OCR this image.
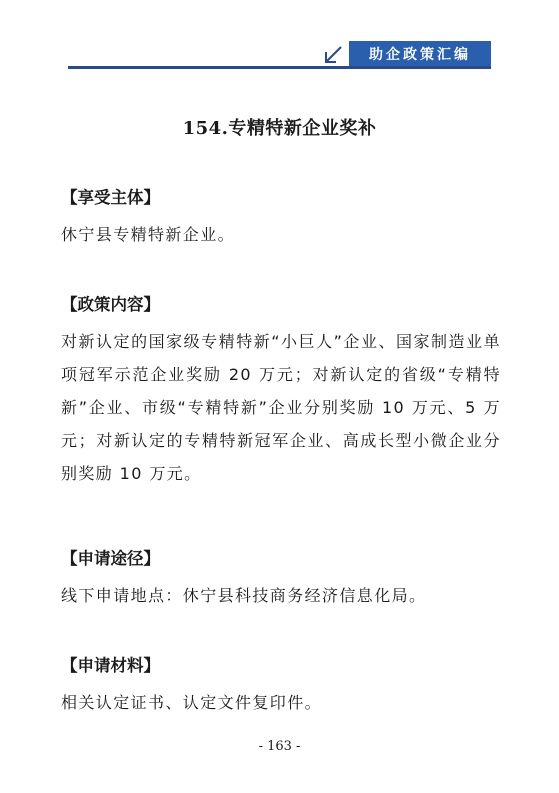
助企政策汇编
154.专精特新企业奖补

【享受主体】

休宁县专精特新企业。

【政策内容】

对新认定的国家级专精特新“小巨人”企业、国家制造业单项冠军示范企业奖励 20 万元；对新认定的省级“专精特新”企业、市级“专精特新”企业分别奖励 10 万元、5 万元；对新认定的专精特新冠军企业、高成长型小微企业分别奖励 10 万元。

【申请途径】

线下申请地点：休宁县科技商务经济信息化局。

【申请材料】

相关认定证书、认定文件复印件。

- 163 -
